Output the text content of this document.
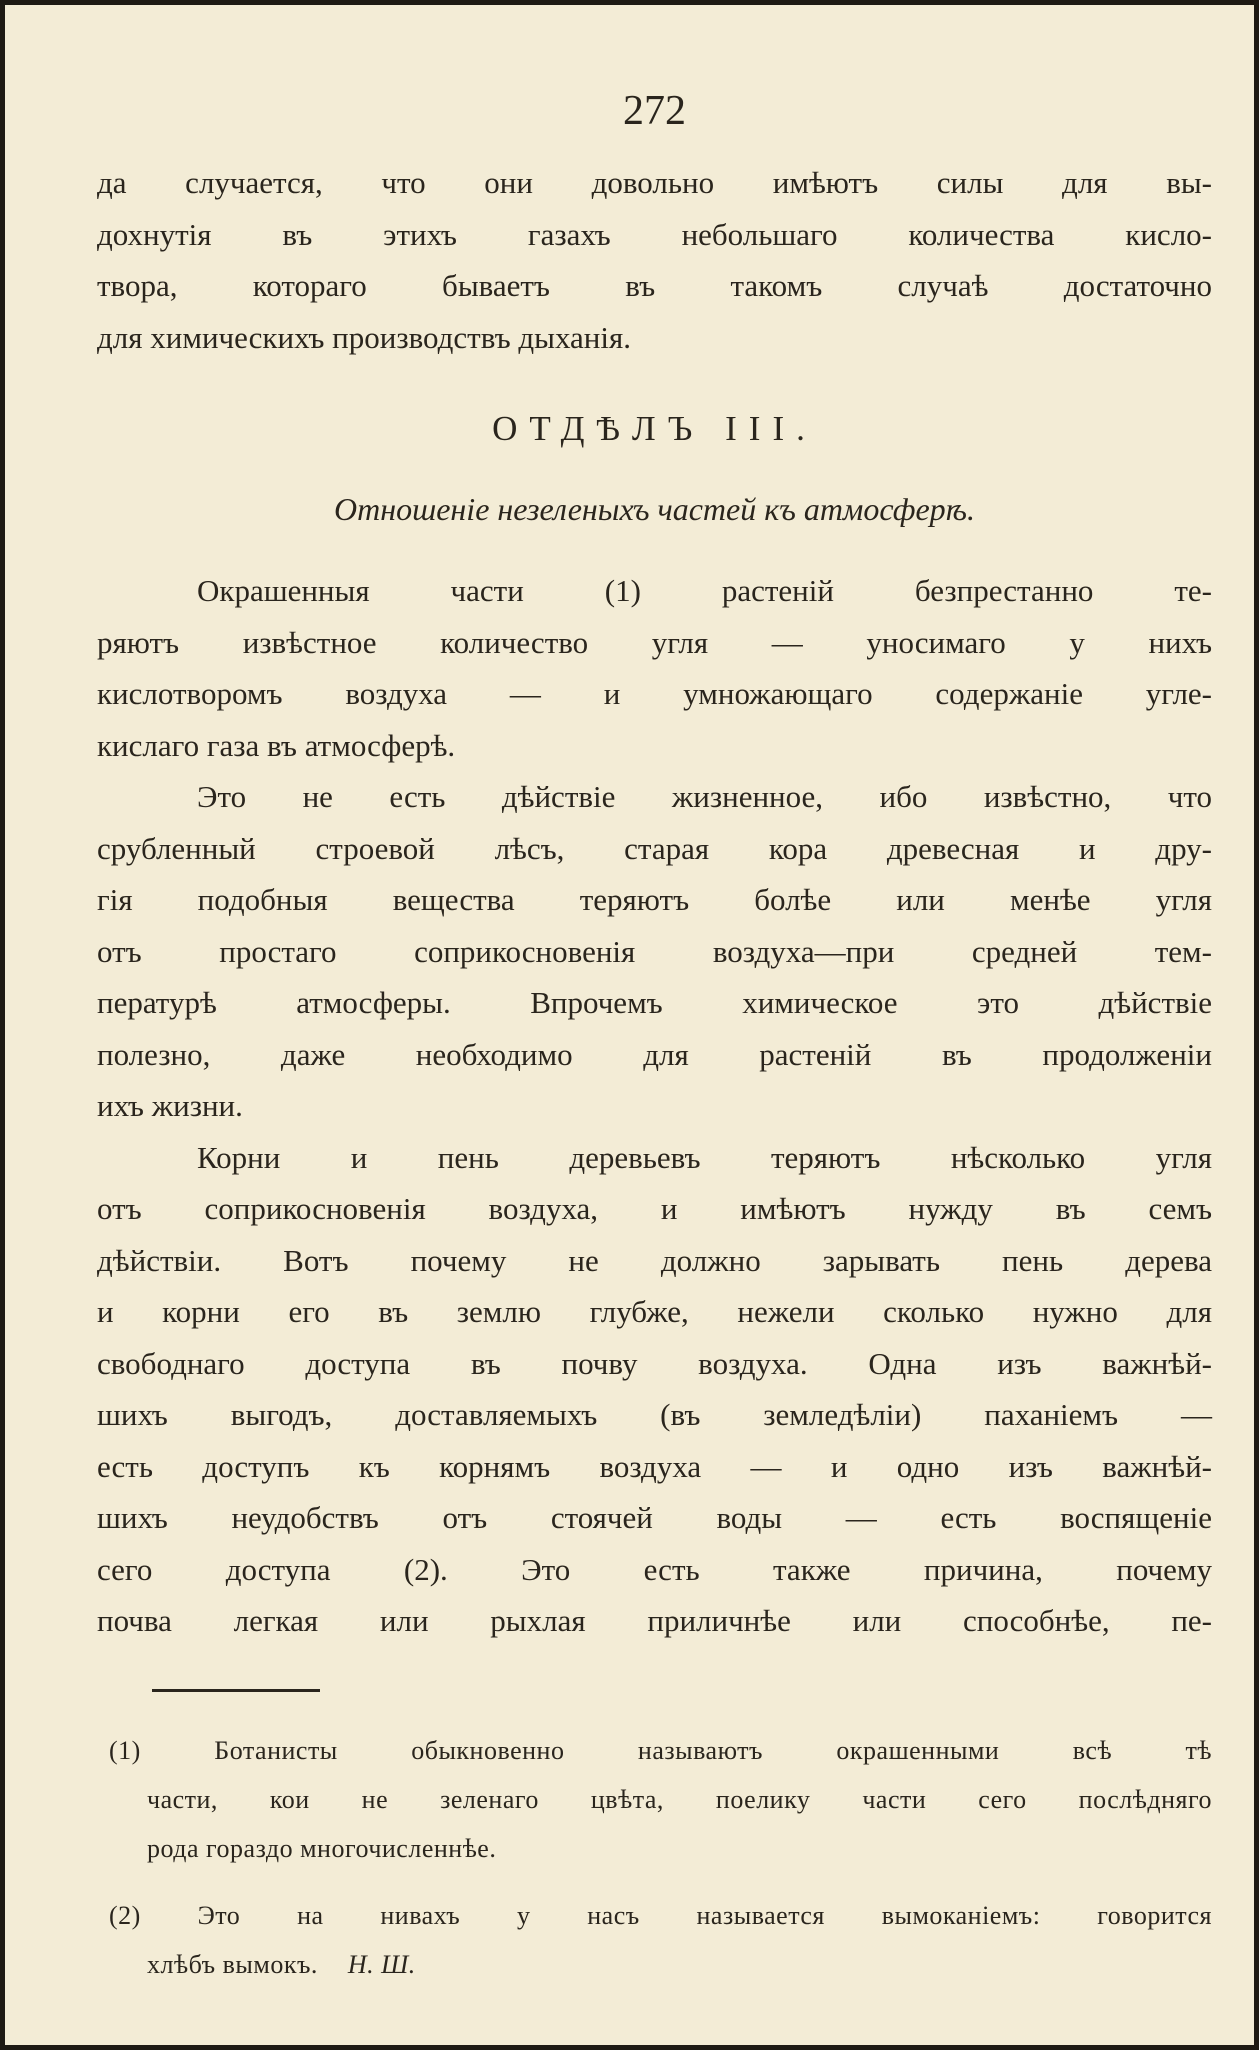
272

да случается, что они довольно имѣютъ силы для вы-

дохнутія въ этихъ газахъ небольшаго количества кисло-

твора, котораго бываетъ въ такомъ случаѣ достаточно

для химическихъ производствъ дыханія.

ОТДѢЛЪ III.
Отношеніе незеленыхъ частей къ атмосферѣ.

Окрашенныя части (1) растеній безпрестанно те-

ряютъ извѣстное количество угля — уносимаго у нихъ

кислотворомъ воздуха — и умножающаго содержаніе угле-

кислаго газа въ атмосферѣ.

Это не есть дѣйствіе жизненное, ибо извѣстно, что

срубленный строевой лѣсъ, старая кора древесная и дру-

гія подобныя вещества теряютъ болѣе или менѣе угля

отъ простаго соприкосновенія воздуха—при средней тем-

пературѣ атмосферы. Впрочемъ химическое это дѣйствіе

полезно, даже необходимо для растеній въ продолженіи

ихъ жизни.

Корни и пень деревьевъ теряютъ нѣсколько угля

отъ соприкосновенія воздуха, и имѣютъ нужду въ семъ

дѣйствіи. Вотъ почему не должно зарывать пень дерева

и корни его въ землю глубже, нежели сколько нужно для

свободнаго доступа въ почву воздуха. Одна изъ важнѣй-

шихъ выгодъ, доставляемыхъ (въ земледѣліи) паханіемъ —

есть доступъ къ корнямъ воздуха — и одно изъ важнѣй-

шихъ неудобствъ отъ стоячей воды — есть воспященіе

сего доступа (2). Это есть также причина, почему

почва легкая или рыхлая приличнѣе или способнѣе, пе-

(1) Ботанисты обыкновенно называютъ окрашенными всѣ тѣ

части, кои не зеленаго цвѣта, поелику части сего послѣдняго

рода гораздо многочисленнѣе.

(2) Это на нивахъ у насъ называется вымоканіемъ: говорится

хлѣбъ вымокъ. Н. Ш.
